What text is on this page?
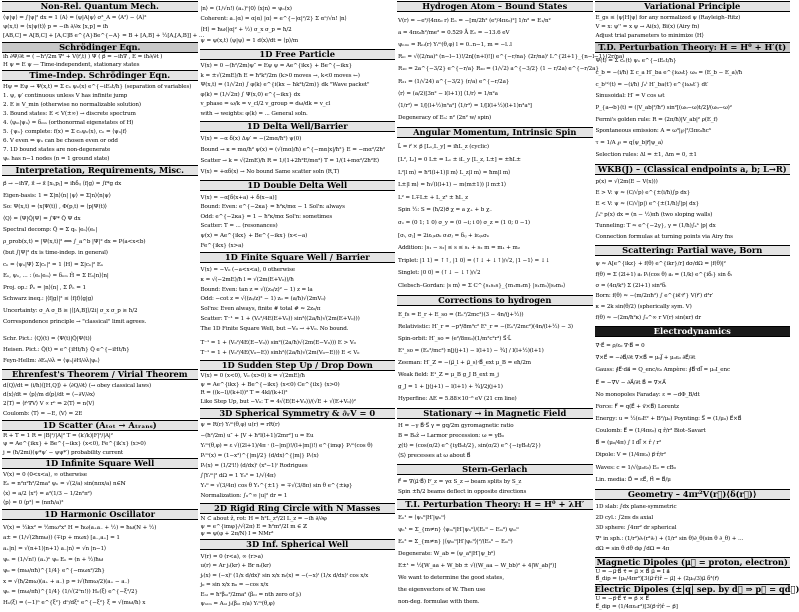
Non-Rel. Quantum Mech.
⟨ψ|ψ⟩ = ∫|ψ|² dx = 1 ⟨A⟩ = ⟨ψ|A|ψ⟩ σ²_A = ⟨A²⟩ − ⟨A⟩²
ψ(x,t) = ⟨x|ψ(t)⟩ p = −iħ ∂/∂x [x,p] = iħ
[AB,C] = A[B,C] + [A,C]B e^{A}Be^{−A} = B + [A,B] + ½[A,[A,B]] + …
Schrödinger Eqn.
iħ ∂Ψ/∂t = ( −ħ²/2m ∇² + V(r⃗,t) ) Ψ ( p⃗ = −iħ∇ , E = iħ∂/∂t )
H ψ = E ψ — Time-independent, stationary states
Time-Indep. Schrödinger Eqn.
Hψ = Eψ → Ψ(x,t) = Σ cₙ ψₙ(x) e^{−iEₙt/ħ} (separation of variables)
1. ψ, ψ′ continuous unless V has infinite jump
2. E ≥ V_min (otherwise no normalizable solution)
3. Bound states: E < V(±∞) → discrete spectrum
4. ⟨ψₘ|ψₙ⟩ = δₘₙ (orthonormal eigenstates of H)
5. {ψₙ} complete: f(x) = Σ cₙψₙ(x), cₙ = ⟨ψₙ|f⟩
6. V even ⇒ ψₙ can be chosen even or odd
7. 1D bound states are non-degenerate
ψₙ has n−1 nodes (n = 1 ground state)
Interpretation, Requirements, Misc.
p⃗ → −iħ∇, x⃗ → x⃗ [xᵢ,pⱼ] = iħδᵢⱼ ⟨f|g⟩ = ∫f*g dx
Eigen-basis: 1 = Σ|n⟩⟨n| |ψ⟩ = Σ|n⟩⟨n|ψ⟩
So: Ψ(x,t) = ⟨x|Ψ(t)⟩ , Φ(p,t) = ⟨p|Ψ(t)⟩
⟨Q⟩ = ⟨Ψ|Q̂|Ψ⟩ = ∫Ψ* Q̂ Ψ dx
Spectral decomp: Q̂ = Σ qₙ |eₙ⟩⟨eₙ|
ρ_prob(x,t) = |Ψ(x,t)|² ⟺ ∫_a^b |Ψ|² dx = P(a<x<b)
(but ∫|Ψ|² dx is time-indep. in general)
cₙ = ⟨ψₙ|Ψ⟩ Σ|cₙ|² = 1 ⟨H⟩ = Σ|cₙ|² Eₙ
Eₙ, ψₙ, ... : ⟨eₙ|eₘ⟩ = δₙₘ Ĥ = Σ Eₙ|n⟩⟨n|
Proj. op.: P̂ₙ = |n⟩⟨n| , Σ P̂ₙ = 1
Schwarz ineq.: |⟨f|g⟩|² ≤ ⟨f|f⟩⟨g|g⟩
Uncertainty: σ_A σ_B ≥ |⟨[A,B]⟩/2i| σ_x σ_p ≥ ħ/2
Correspondence principle → "classical" limit agrees.
Schr. Pict.: ⟨Q⟩(t) = ⟨Ψ(t)|Q̂|Ψ(t)⟩
Heisen. Pict.: Q̂(t) = e^{iHt/ħ} Q̂ e^{−iHt/ħ}
Feyn-Hellm: ∂Eₙ/∂λ = ⟨ψₙ|∂H/∂λ|ψₙ⟩
Ehrenfest's Theorem / Virial Theorem
d⟨Q⟩/dt = (i/ħ)⟨[H,Q]⟩ + ⟨∂Q/∂t⟩ (→ obey classical laws)
d⟨x⟩/dt = ⟨p⟩/m d⟨p⟩/dt = ⟨−∂V/∂x⟩
2⟨T⟩ = ⟨r⃗·∇V⟩ V ∝ rⁿ ⇒ 2⟨T⟩ = n⟨V⟩
Coulomb: ⟨T⟩ = −E, ⟨V⟩ = 2E
1D Scatter (Aₜₒₜ → Aₜᵣₐₙₛ)
R + T = 1 R = |B|²/|A|² T = (k′/k)|F|²/|A|²
ψ = Ae^{ikx} + Be^{−ikx} (x<0), Fe^{ik′x} (x>0)
j = (ħ/2mi)(ψ*ψ′ − ψψ*′) probability current
1D Infinite Square Well
V(x) = 0 (0<x<a), ∞ otherwise
Eₙ = n²π²ħ²/2ma² ψₙ = √(2/a) sin(nπx/a) n∈ℕ
⟨x⟩ = a/2 ⟨x²⟩ = a²(1/3 − 1/2n²π²)
⟨p⟩ = 0 ⟨p²⟩ = (nπħ/a)²
1D Harmonic Oscillator
V(x) = ½kx² = ½mω²x² H = ħω(a₊a₋ + ½) = ħω(N + ½)
a± = (1/√(2ħmω)) (∓ip + mωx) [a₋,a₊] = 1
a₊|n⟩ = √(n+1)|n+1⟩ a₋|n⟩ = √n |n−1⟩
ψₙ = (1/√n!) (a₊)ⁿ ψ₀ Eₙ = (n + ½)ħω
ψ₀ = (mω/πħ)^{1/4} e^{−mωx²/2ħ}
x = √(ħ/2mω)(a₊ + a₋) p = i√(ħmω/2)(a₊ − a₋)
ψₙ = (mω/πħ)^{1/4} (1/√(2ⁿn!)) Hₙ(ξ) e^{−ξ²/2}
Hₙ(ξ) = (−1)ⁿ e^{ξ²} dⁿ/dξⁿ e^{−ξ²} ξ = √(mω/ħ) x
|n⟩ = (1/√n!) (a₊)ⁿ|0⟩ ⟨x|n⟩ = ψₙ(x)
Coherent: a₋|α⟩ = α|α⟩ |α⟩ = e^{−|α|²/2} Σ αⁿ/√n! |n⟩
⟨H⟩ = ħω(|α|² + ½) σ_x σ_p = ħ/2
ψ = ψ(x,t) ⟨ψ|ψ⟩ = 1 d⟨x⟩/dt = ⟨p⟩/m
1D Free Particle
V(x) = 0 −(ħ²/2m)ψ″ = Eψ ψ = Ae^{ikx} + Be^{−ikx}
k = ±√(2mE)/ħ E = ħ²k²/2m (k>0 moves →, k<0 moves ←)
Ψ(x,t) = (1/√2π) ∫ φ(k) e^{i(kx − ħk²t/2m)} dk "Wave packet"
φ(k) = (1/√2π) ∫ Ψ(x,0) e^{−ikx} dx
v_phase = ω/k = v_cl/2 v_group = dω/dk = v_cl
with → weights: φ(k) = ... General soln.
1D Delta Well/Barrier
V(x) = −α δ(x) Δψ′ = −(2mα/ħ²) ψ(0)
Bound → κ = mα/ħ² ψ(x) = (√(mα)/ħ) e^{−mα|x|/ħ²} E = −mα²/2ħ²
Scatter → k = √(2mE)/ħ R = 1/(1+2ħ²E/mα²) T = 1/(1+mα²/2ħ²E)
V(x) = +αδ(x) → No bound Same scatter soln (R,T)
1D Double Delta Well
V(x) = −α[δ(x+a) + δ(x−a)]
Bound: Even: e^{−2κa} = ħ²κ/mα − 1 Sol'n: always
Odd: e^{−2κa} = 1 − ħ²κ/mα Sol'n: sometimes
Scatter: T = ... (resonances)
ψ(x) = Ae^{ikx} + Be^{−ikx} (x<−a)
Fe^{ikx} (x>a)
1D Finite Square Well / Barrier
V(x) = −V₀ (−a<x<a), 0 otherwise
κ = √(−2mE)/ħ l = √(2m(E+V₀))/ħ
Bound: Even: tan z = √((z₀/z)² − 1) z = la
Odd: −cot z = √((z₀/z)² − 1) z₀ = (a/ħ)√(2mV₀)
Sol'ns: Even always, finite # total # ≈ 2z₀/π
Scatter: T⁻¹ = 1 + (V₀²/4E(E+V₀)) sin²((2a/ħ)√(2m(E+V₀)))
The 1D Finite Square Well, but −V₀ → +V₀. No bound.
T⁻¹ = 1 + (V₀²/4E(E−V₀)) sin²((2a/ħ)√(2m(E−V₀))) E > V₀
T⁻¹ = 1 + (V₀²/4E(V₀−E)) sinh²((2a/ħ)√(2m(V₀−E))) E < V₀
1D Sudden Step Up / Drop Down
V(x) = 0 (x<0), V₀ (x>0) k = √(2mE)/ħ
ψ = Ae^{ikx} + Be^{−ikx} (x<0) Ce^{ilx} (x>0)
R = ((k−l)/(k+l))² T = 4kl/(k+l)²
Like Step Up, but −V₀: T = 4√(E(E+V₀))/(√E + √(E+V₀))²
3D Spherical Symmetry & ∂ᵣV = 0
ψ = R(r) Yₗᵐ(θ,φ) u(r) = rR(r)
−(ħ²/2m) u″ + [V + ħ²l(l+1)/2mr²] u = Eu
Yₗᵐ(θ,φ) = ε √((2l+1)/4π · (l−|m|)!/(l+|m|)!) e^{imφ} Pₗᵐ(cos θ)
Pₗᵐ(x) = (1−x²)^{|m|/2} (d/dx)^{|m|} Pₗ(x)
Pₗ(x) = (1/2ˡl!) (d/dx)ˡ (x²−1)ˡ Rodrigues
∫|Yₗᵐ|² dΩ = 1 Y₀⁰ = 1/√(4π)
Y₁⁰ = √(3/4π) cos θ Y₁^{±1} = ∓√(3/8π) sin θ e^{±iφ}
Normalization: ∫₀^∞ |u|² dr = 1
2D Rigid Ring Circle with N Masses
N ⊂ about ẑ, rot: H = ħ²L_z²/2I L_z = −iħ ∂/∂φ
ψ = e^{imφ}/√(2π) E = ħ²m²/2I m ∈ ℤ
ψ ⇒ ψ(φ + 2π/N) I = NMr²
3D Inf. Spherical Well
V(r) = 0 (r<a), ∞ (r>a)
u(r) = Ar jₗ(kr) + Br nₗ(kr)
jₗ(x) = (−x)ˡ (1/x d/dx)ˡ sin x/x nₗ(x) = −(−x)ˡ (1/x d/dx)ˡ cos x/x
j₀ = sin x/x n₀ = −cos x/x
Eₙₗ = ħ²βₙₗ²/2ma² (βₙₗ = nth zero of jₗ)
ψₙₗₘ = Aₙₗ jₗ(βₙₗ r/a) Yₗᵐ(θ,φ)
Hydrogen Atom – Bound States
V(r) = −e²/(4πε₀ r) Eₙ = −[m/2ħ² (e²/4πε₀)²] 1/n² = E₁/n²
a = 4πε₀ħ²/me² = 0.529 Å E₁ = −13.6 eV
ψₙₗₘ = Rₙₗ(r) Yₗᵐ(θ,φ) l = 0..n−1, m = −l..l
Rₙₗ = √((2/na)³ (n−l−1)!/2n[(n+l)!]) e^{−r/na} (2r/na)ˡ L^{2l+1}_{n−l−1}(2r/na)
R₁₀ = 2a^{−3/2} e^{−r/a} R₂₀ = (1/√2) a^{−3/2} (1 − r/2a) e^{−r/2a}
R₂₁ = (1/√24) a^{−3/2} (r/a) e^{−r/2a}
⟨r⟩ = (a/2)[3n² − l(l+1)] ⟨1/r⟩ = 1/n²a
⟨1/r²⟩ = 1/[(l+½)n³a²] ⟨1/r³⟩ = 1/[l(l+½)(l+1)n³a³]
Degeneracy of Eₙ: n² (2n² w/ spin)
Angular Momentum, Intrinsic Spin
L⃗ = r⃗ × p⃗ [Lₓ,L_y] = iħL_z (cyclic)
[L², Lᵢ] = 0 L± = Lₓ ± iL_y [L_z, L±] = ±ħL±
L²|l m⟩ = ħ²l(l+1)|l m⟩ L_z|l m⟩ = ħm|l m⟩
L±|l m⟩ = ħ√(l(l+1) − m(m±1)) |l m±1⟩
L² = L∓L± + L_z² ± ħL_z
Spin ½: S = (ħ/2)σ⃗ χ = a χ₊ + b χ₋
σₓ = (0 1; 1 0) σ_y = (0 −i; i 0) σ_z = (1 0; 0 −1)
[σᵢ, σⱼ] = 2iεᵢⱼₖσₖ σᵢσⱼ = δᵢⱼ + iεᵢⱼₖσₖ
Addition: |s₁ − s₂| ≤ s ≤ s₁ + s₂ m = m₁ + m₂
Triplet: |1 1⟩ = ↑↑, |1 0⟩ = (↑↓ + ↓↑)/√2, |1 −1⟩ = ↓↓
Singlet: |0 0⟩ = (↑↓ − ↓↑)/√2
Clebsch–Gordan: |s m⟩ = Σ C^{s₁s₂s}_{m₁m₂m} |s₁m₁⟩|s₂m₂⟩
Corrections to hydrogen
E_fs = E_r + E_so = (Eₙ²/2mc²)(3 − 4n/(j+½))
Relativistic: H′_r = −p⁴/8m³c² E¹_r = −(Eₙ²/2mc²)(4n/(l+½) − 3)
Spin-orbit: H′_so = (e²/8πε₀)(1/m²c²r³) S⃗·L⃗
E¹_so = (Eₙ²/mc²) n[j(j+1) − l(l+1) − ¾] / l(l+½)(l+1)
Zeeman: H′_Z = −(μ⃗_l + μ⃗_s)·B⃗_ext μ_B = eħ/2m
Weak field: E¹_Z = μ_B g_J B_ext m_j
g_J = 1 + [j(j+1) − l(l+1) + ¾]/2j(j+1)
Hyperfine: ΔE = 5.88×10⁻⁶ eV (21 cm line)
Stationary → in Magnetic Field
H = −γ B⃗·S⃗ γ = gq/2m gyromagnetic ratio
B = B₀ẑ → Larmor precession: ω = γB₀
χ(t) = (cos(α/2) e^{iγB₀t/2}, sin(α/2) e^{−iγB₀t/2})
⟨S⟩ precesses at ω about B⃗
Stern-Gerlach
F⃗ = ∇(μ⃗·B⃗) F_z = γα S_z → beam splits by S_z
Spin ±ħ/2 beams deflect in opposite directions
T.I. Perturbation Theory: H = H⁰ + λH′
Eₙ¹ = ⟨ψₙ⁰|H′|ψₙ⁰⟩
ψₙ¹ = Σ_{m≠n} ⟨ψₘ⁰|H′|ψₙ⁰⟩/(Eₙ⁰ − Eₘ⁰) ψₘ⁰
Eₙ² = Σ_{m≠n} |⟨ψₘ⁰|H′|ψₙ⁰⟩|²/(Eₙ⁰ − Eₘ⁰)
Degenerate: W_ab = ⟨ψ_a⁰|H′|ψ_b⁰⟩
E±¹ = ½[W_aa + W_bb ± √((W_aa − W_bb)² + 4|W_ab|²)]
We want to determine the good states,
the eigenvectors of W. Then use
non-deg. formulae with them.
Variational Principle
E_gs ≤ ⟨ψ|H|ψ⟩ for any normalized ψ (Rayleigh–Ritz)
V = x: ψ'' = x ψ → Ai(x), Bi(x) (Airy fn)
Adjust trial parameters to minimize ⟨H⟩
T.D. Perturbation Theory: H = H⁰ + H′(t)
Ψ(t) = Σ cₙ(t) ψₙ e^{−iEₙt/ħ}
ċ_b = −(i/ħ) Σ c_a H′_ba e^{iω₀t} ω₀ = (E_b − E_a)/ħ
c_b⁽¹⁾(t) = −(i/ħ) ∫₀ᵗ H′_ba(t′) e^{iω₀t′} dt′
Sinusoidal: H′ = V cos ωt
P_{a→b}(t) = (|V_ab|²/ħ²) sin²[(ω₀−ω)t/2]/(ω₀−ω)²
Fermi's golden rule: R = (2π/ħ)|V_ab|² ρ(E_f)
Spontaneous emission: A = ω³|℘|²/3πε₀ħc³
τ = 1/A ℘ = q⟨ψ_b|r⃗|ψ_a⟩
Selection rules: Δl = ±1, Δm = 0, ±1
WKB(J) – (Classical endpoints a, b; L→R)
p(x) = √(2m(E − V(x)))
E > V: ψ ≈ (C/√p) e^{±(i/ħ)∫p dx}
E < V: ψ ≈ (C/√|p|) e^{±(1/ħ)∫|p| dx}
∫ₐᵇ p(x) dx = (n − ½)πħ (two sloping walls)
Tunneling: T ≈ e^{−2γ}, γ = (1/ħ)∫ₐᵇ |p| dx
Connection formulas at turning points via Airy fns
Scattering: Partial wave, Born
ψ ≈ A[e^{ikz} + f(θ) e^{ikr}/r] dσ/dΩ = |f(θ)|²
f(θ) = Σ (2l+1) aₗ Pₗ(cos θ) aₗ = (1/k) e^{iδₗ} sin δₗ
σ = (4π/k²) Σ (2l+1) sin²δₗ
Born: f(θ) ≈ −(m/2πħ²) ∫ e^{iκ⃗·r⃗′} V(r⃗′) d³r′
κ = 2k sin(θ/2) (spherically sym. V)
f(θ) ≈ −(2m/ħ²κ) ∫₀^∞ r V(r) sin(κr) dr
Electrodynamics
∇·E⃗ = ρ/ε₀ ∇·B⃗ = 0
∇×E⃗ = −∂B⃗/∂t ∇×B⃗ = μ₀J⃗ + μ₀ε₀ ∂E⃗/∂t
Gauss: ∮E⃗·da⃗ = Q_enc/ε₀ Ampère: ∮B⃗·dl⃗ = μ₀I_enc
E⃗ = −∇V − ∂A⃗/∂t B⃗ = ∇×A⃗
No monopoles Faraday: ε = −dΦ_B/dt
Force: F⃗ = q(E⃗ + v⃗×B⃗) Lorentz
Energy: u = ½(ε₀E² + B²/μ₀) Poynting: S⃗ = (1/μ₀) E⃗×B⃗
Coulomb: E⃗ = (1/4πε₀) q r̂/r² Biot–Savart
B⃗ = (μ₀/4π) ∫ I dl⃗ × r̂ / r²
Dipole: V = (1/4πε₀) p⃗·r̂/r²
Waves: c = 1/√(μ₀ε₀) E₀ = cB₀
Lin. media: D⃗ = εE⃗, H⃗ = B⃗/μ
Geometry – 4πr²V(r⃗)⟨δ(r⃗)⟩
1D slab: ∫dx plane-symmetric
2D cyl.: ∫2πs ds axial
3D sphere: ∫4πr² dr spherical
∇² in sph.: (1/r²)∂ᵣ(r²∂ᵣ) + (1/r² sin θ)∂_θ(sin θ ∂_θ) + …
dΩ = sin θ dθ dφ ∫dΩ = 4π
Magnetic Dipoles (μ⃗ = proton, electron)
U = −μ⃗·B⃗ τ⃗ = μ⃗ × B⃗ μ⃗ = I a⃗
B⃗_dip = (μ₀/4πr³)[3(μ⃗·r̂)r̂ − μ⃗] + (2μ₀/3)μ⃗ δ³(r⃗)
Electric Dipoles (±|q| sep. by d⃗ ⇒ p⃗ = qd⃗)
U = −p⃗·E⃗ τ⃗ = p⃗ × E⃗
E⃗_dip = (1/4πε₀r³)[3(p⃗·r̂)r̂ − p⃗]
